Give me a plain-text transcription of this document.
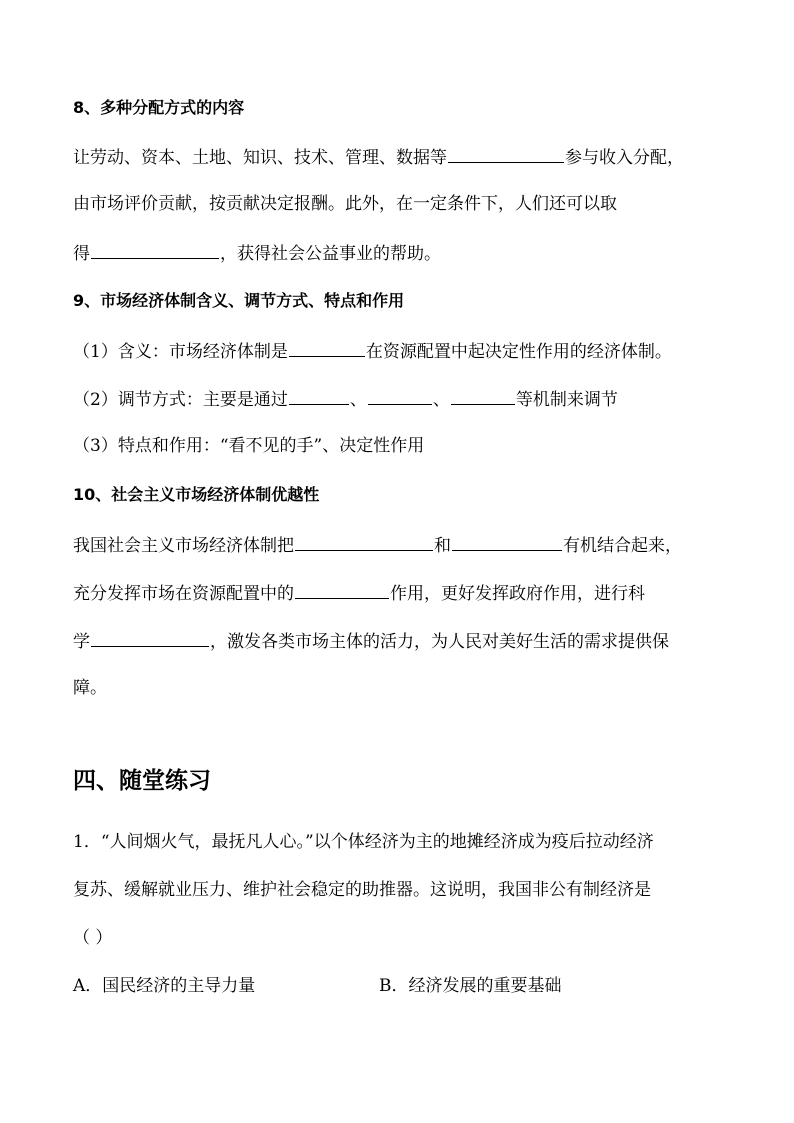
8、多种分配方式的内容
让劳动、资本、土地、知识、技术、管理、数据等	参与收入分配，
由市场评价贡献，按贡献决定报酬。此外，在一定条件下，人们还可以取
得	，获得社会公益事业的帮助。
9、市场经济体制含义、调节方式、特点和作用
（1）含义：市场经济体制是	在资源配置中起决定性作用的经济体制。
（2）调节方式：主要是通过	、	、	等机制来调节
（3）特点和作用：“看不见的手”、决定性作用
10、社会主义市场经济体制优越性
我国社会主义市场经济体制把	和	有机结合起来，
充分发挥市场在资源配置中的	作用，更好发挥政府作用，进行科
学	，激发各类市场主体的活力，为人民对美好生活的需求提供保
障。
四、随堂练习
1．“人间烟火气，最抚凡人心。”以个体经济为主的地摊经济成为疫后拉动经济
复苏、缓解就业压力、维护社会稳定的助推器。这说明，我国非公有制经济是
（ ）
A．国民经济的主导力量	B．经济发展的重要基础
